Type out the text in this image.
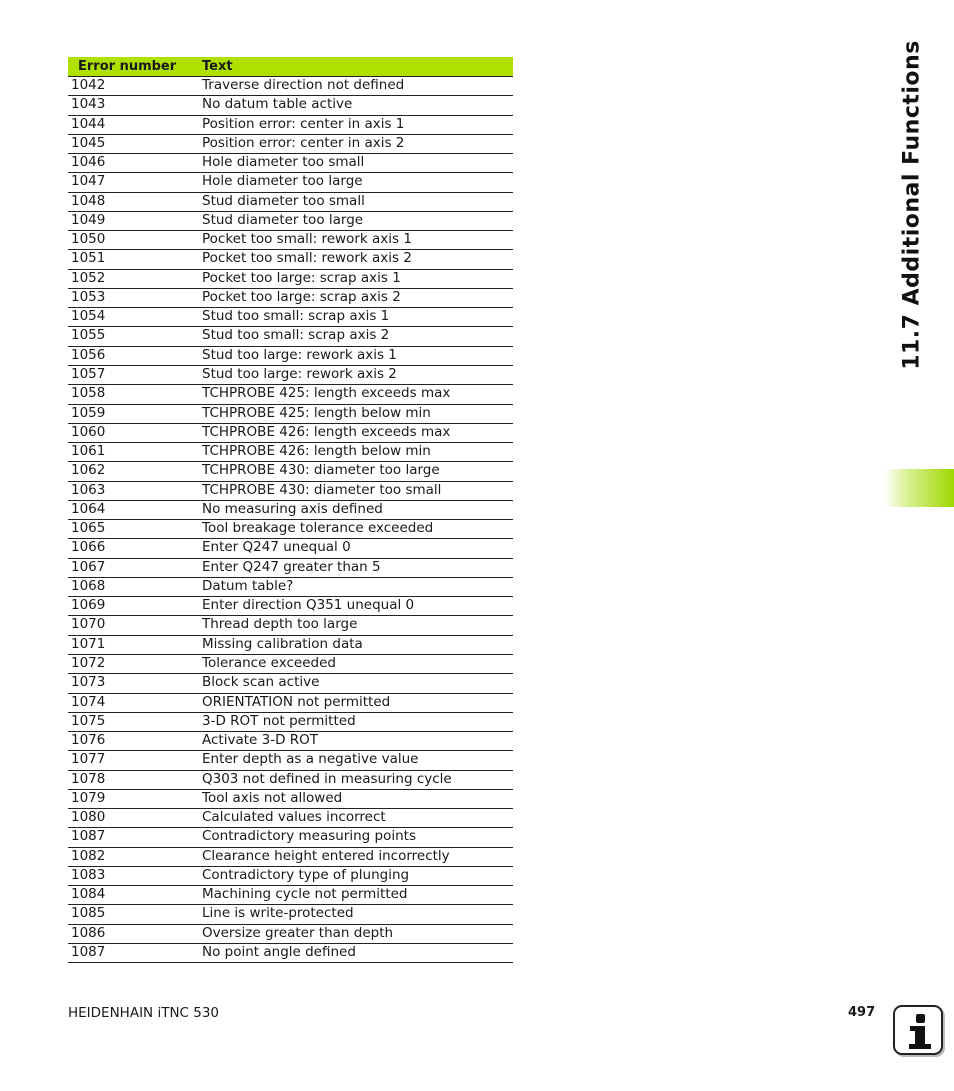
Error number	Text
1042	Traverse direction not defined
1043	No datum table active
1044	Position error: center in axis 1
1045	Position error: center in axis 2
1046	Hole diameter too small
1047	Hole diameter too large
1048	Stud diameter too small
1049	Stud diameter too large
1050	Pocket too small: rework axis 1
1051	Pocket too small: rework axis 2
1052	Pocket too large: scrap axis 1
1053	Pocket too large: scrap axis 2
1054	Stud too small: scrap axis 1
1055	Stud too small: scrap axis 2
1056	Stud too large: rework axis 1
1057	Stud too large: rework axis 2
1058	TCHPROBE 425: length exceeds max
1059	TCHPROBE 425: length below min
1060	TCHPROBE 426: length exceeds max
1061	TCHPROBE 426: length below min
1062	TCHPROBE 430: diameter too large
1063	TCHPROBE 430: diameter too small
1064	No measuring axis defined
1065	Tool breakage tolerance exceeded
1066	Enter Q247 unequal 0
1067	Enter Q247 greater than 5
1068	Datum table?
1069	Enter direction Q351 unequal 0
1070	Thread depth too large
1071	Missing calibration data
1072	Tolerance exceeded
1073	Block scan active
1074	ORIENTATION not permitted
1075	3-D ROT not permitted
1076	Activate 3-D ROT
1077	Enter depth as a negative value
1078	Q303 not defined in measuring cycle
1079	Tool axis not allowed
1080	Calculated values incorrect
1087	Contradictory measuring points
1082	Clearance height entered incorrectly
1083	Contradictory type of plunging
1084	Machining cycle not permitted
1085	Line is write-protected
1086	Oversize greater than depth
1087	No point angle defined
11.7 Additional Functions
HEIDENHAIN iTNC 530	497
